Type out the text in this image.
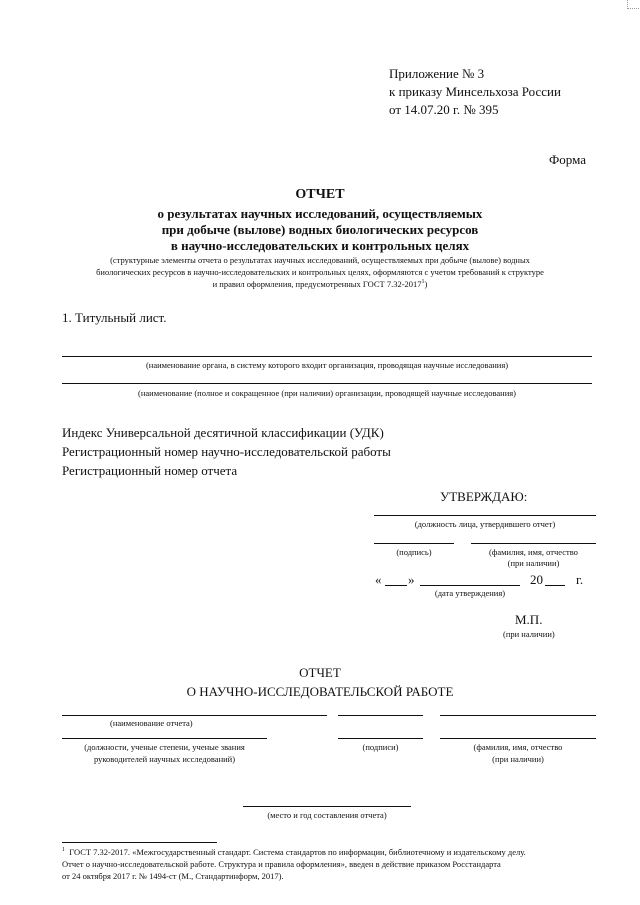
Приложение № 3
к приказу Минсельхоза России
от 14.07.20 г. № 395
Форма
ОТЧЕТ
о результатах научных исследований, осуществляемых
при добыче (вылове) водных биологических ресурсов
в научно-исследовательских и контрольных целях
(структурные элементы отчета о результатах научных исследований, осуществляемых при добыче (вылове) водных
биологических ресурсов в научно-исследовательских и контрольных целях, оформляются с учетом требований к структуре
и правил оформления, предусмотренных ГОСТ 7.32-2017$^1$)
1. Титульный лист.
(наименование органа, в систему которого входит организация, проводящая научные исследования)
(наименование (полное и сокращенное (при наличии) организации, проводящей научные исследования)
Индекс Универсальной десятичной классификации (УДК)
Регистрационный номер научно-исследовательской работы
Регистрационный номер отчета
УТВЕРЖДАЮ:
(должность лица, утвердившего отчет)
(подпись)	(фамилия, имя, отчество
(при наличии)
« »	20	г.
(дата утверждения)
М.П.
(при наличии)
ОТЧЕТ
О НАУЧНО-ИССЛЕДОВАТЕЛЬСКОЙ РАБОТЕ
(наименование отчета)
(должности, ученые степени, ученые звания
руководителей научных исследований)
(подписи)	(фамилия, имя, отчество
(при наличии)
(место и год составления отчета)
$^1$ ГОСТ 7.32-2017. «Межгосударственный стандарт. Система стандартов по информации, библиотечному и издательскому делу.
Отчет о научно-исследовательской работе. Структура и правила оформления», введен в действие приказом Росстандарта
от 24 октября 2017 г. № 1494-ст (М., Стандартинформ, 2017).
